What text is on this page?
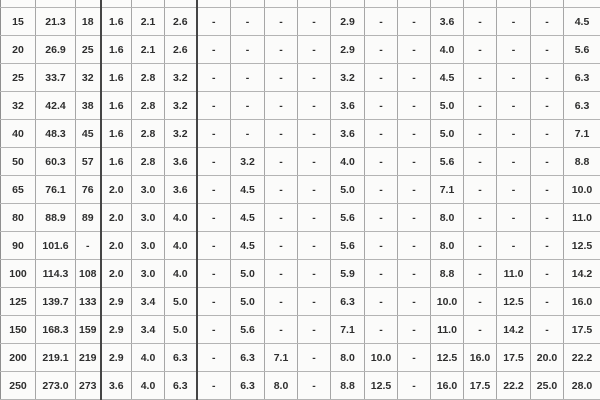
15	21.3	18	1.6	2.1	2.6	-	-	-	-	2.9	-	-	3.6	-	-	-	4.5
20	26.9	25	1.6	2.1	2.6	-	-	-	-	2.9	-	-	4.0	-	-	-	5.6
25	33.7	32	1.6	2.8	3.2	-	-	-	-	3.2	-	-	4.5	-	-	-	6.3
32	42.4	38	1.6	2.8	3.2	-	-	-	-	3.6	-	-	5.0	-	-	-	6.3
40	48.3	45	1.6	2.8	3.2	-	-	-	-	3.6	-	-	5.0	-	-	-	7.1
50	60.3	57	1.6	2.8	3.6	-	3.2	-	-	4.0	-	-	5.6	-	-	-	8.8
65	76.1	76	2.0	3.0	3.6	-	4.5	-	-	5.0	-	-	7.1	-	-	-	10.0
80	88.9	89	2.0	3.0	4.0	-	4.5	-	-	5.6	-	-	8.0	-	-	-	11.0
90	101.6	-	2.0	3.0	4.0	-	4.5	-	-	5.6	-	-	8.0	-	-	-	12.5
100	114.3	108	2.0	3.0	4.0	-	5.0	-	-	5.9	-	-	8.8	-	11.0	-	14.2
125	139.7	133	2.9	3.4	5.0	-	5.0	-	-	6.3	-	-	10.0	-	12.5	-	16.0
150	168.3	159	2.9	3.4	5.0	-	5.6	-	-	7.1	-	-	11.0	-	14.2	-	17.5
200	219.1	219	2.9	4.0	6.3	-	6.3	7.1	-	8.0	10.0	-	12.5	16.0	17.5	20.0	22.2
250	273.0	273	3.6	4.0	6.3	-	6.3	8.0	-	8.8	12.5	-	16.0	17.5	22.2	25.0	28.0
